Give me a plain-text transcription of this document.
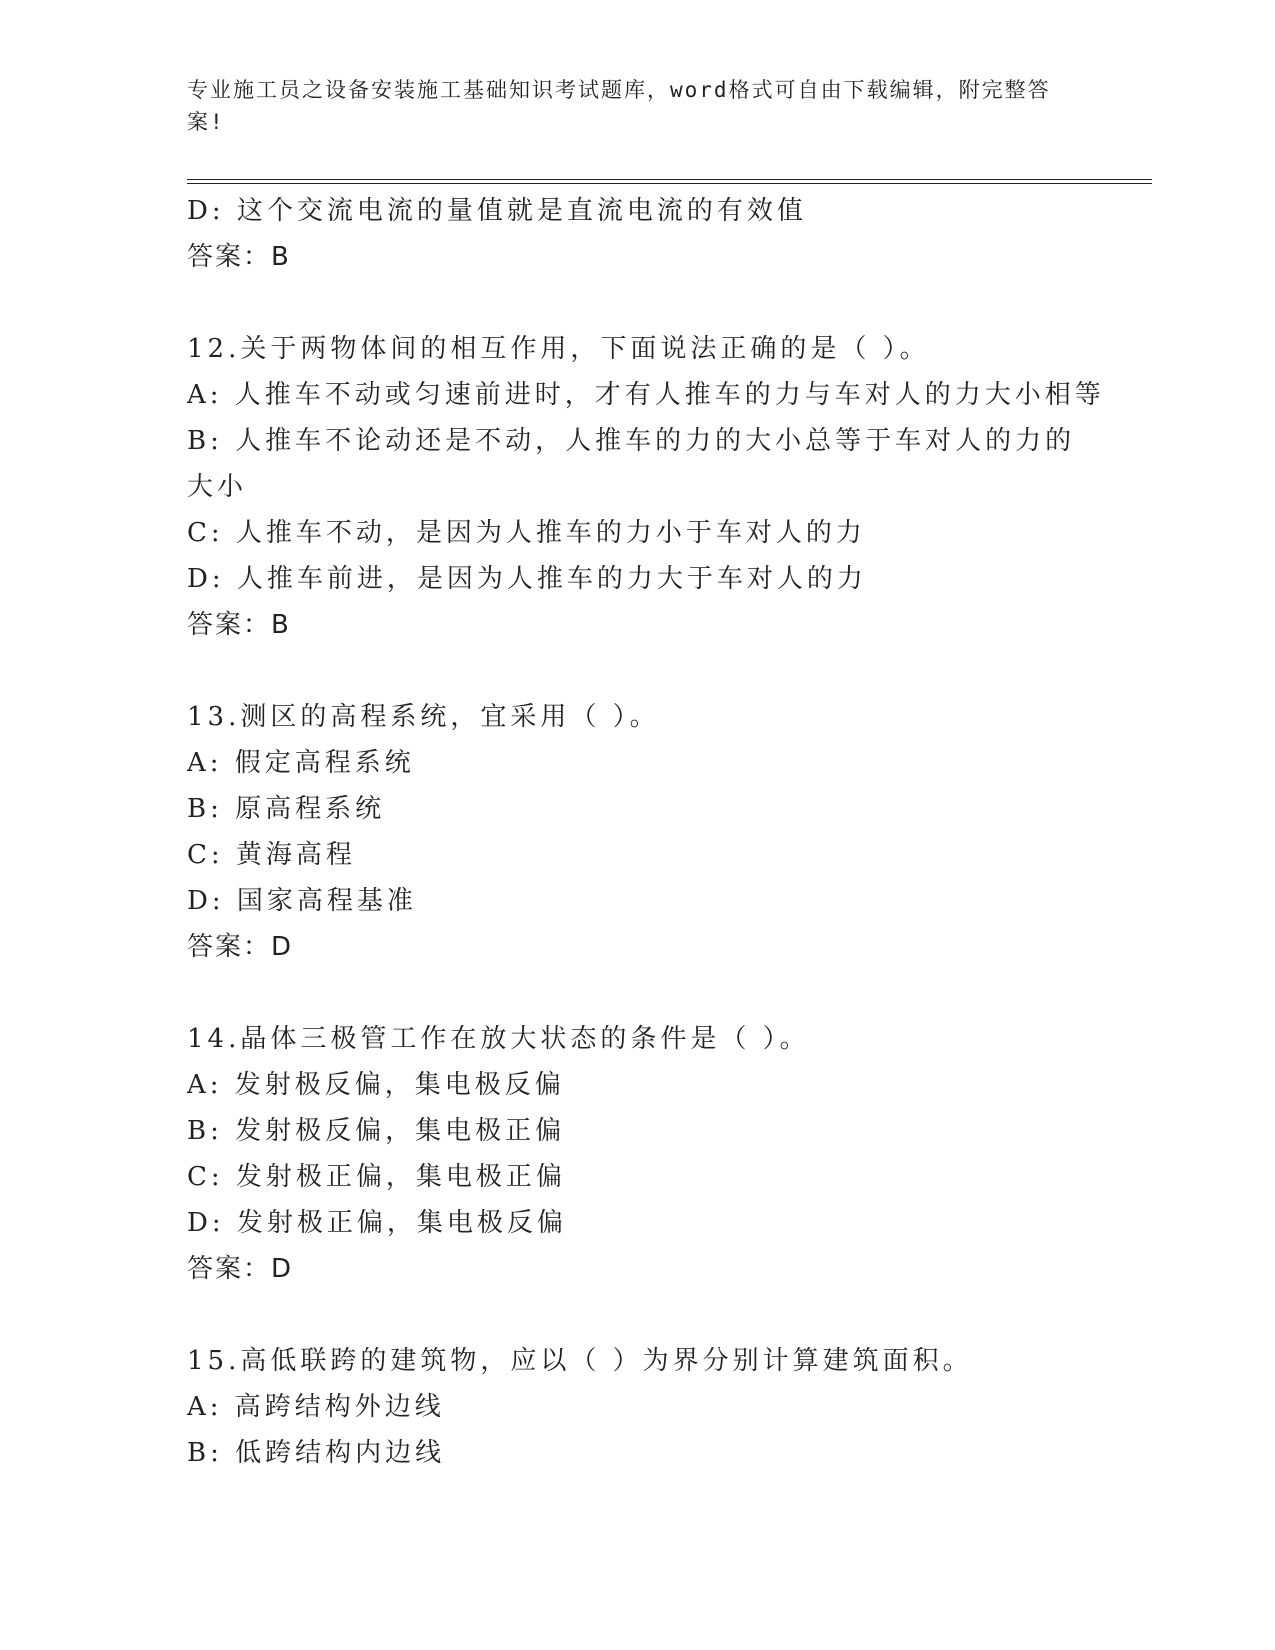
专业施工员之设备安装施工基础知识考试题库，word格式可自由下载编辑，附完整答案!
D: 这个交流电流的量值就是直流电流的有效值
答案：B
12.关于两物体间的相互作用，下面说法正确的是（ ）。
A: 人推车不动或匀速前进时，才有人推车的力与车对人的力大小相等
B: 人推车不论动还是不动，人推车的力的大小总等于车对人的力的大小
C: 人推车不动，是因为人推车的力小于车对人的力
D: 人推车前进，是因为人推车的力大于车对人的力
答案：B
13.测区的高程系统，宜采用（ ）。
A: 假定高程系统
B: 原高程系统
C: 黄海高程
D: 国家高程基准
答案：D
14.晶体三极管工作在放大状态的条件是（ ）。
A: 发射极反偏，集电极反偏
B: 发射极反偏，集电极正偏
C: 发射极正偏，集电极正偏
D: 发射极正偏，集电极反偏
答案：D
15.高低联跨的建筑物，应以（ ）为界分别计算建筑面积。
A: 高跨结构外边线
B: 低跨结构内边线
